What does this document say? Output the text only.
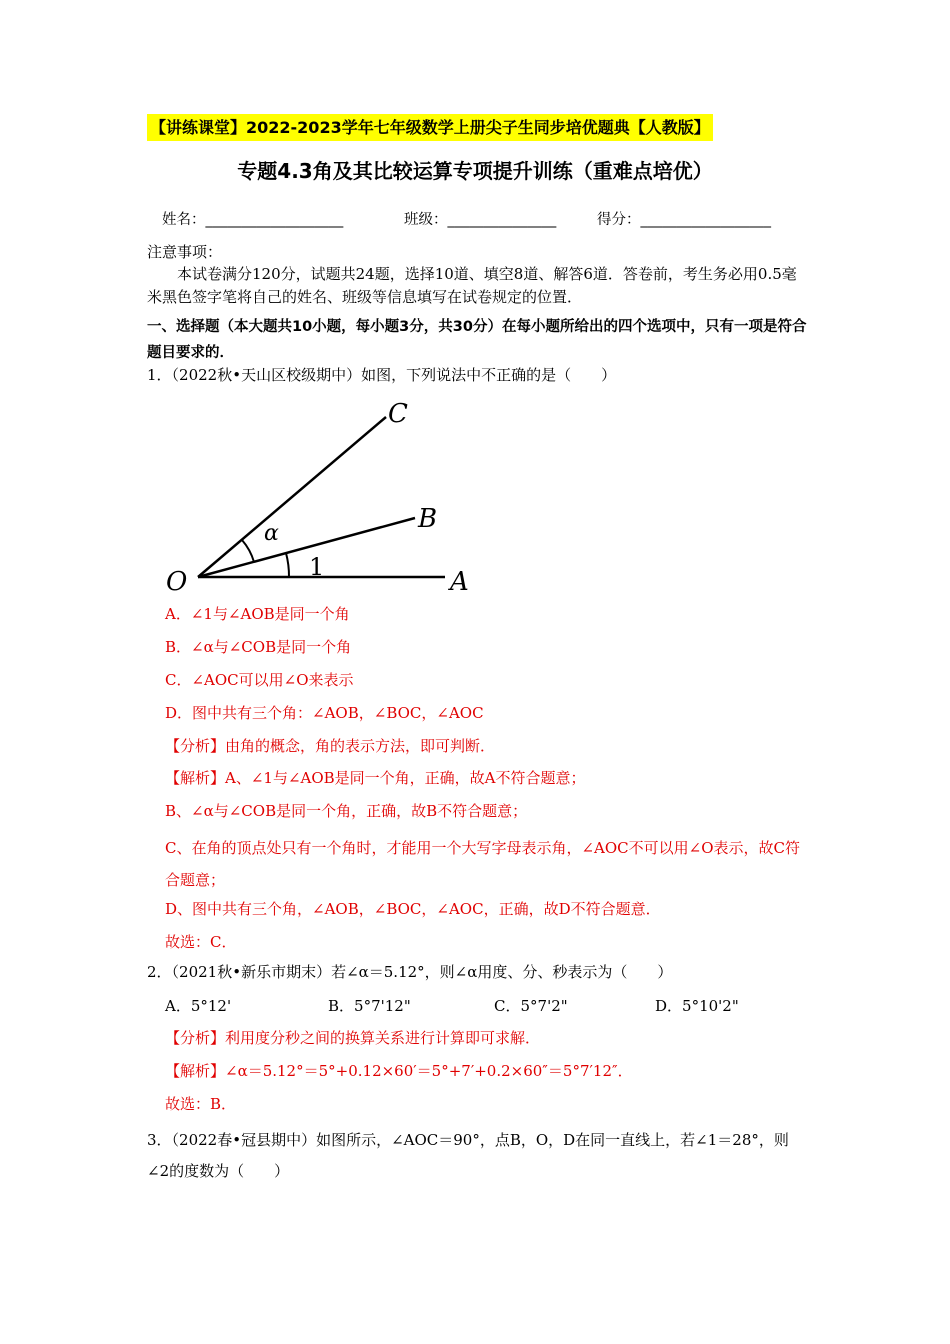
【讲练课堂】2022-2023学年七年级数学上册尖子生同步培优题典【人教版】
专题4.3角及其比较运算专项提升训练（重难点培优）
姓名：___________________	班级：_______________	得分：__________________
注意事项：
本试卷满分120分，试题共24题，选择10道、填空8道、解答6道．答卷前，考生务必用0.5毫米黑色签字笔将自己的姓名、班级等信息填写在试卷规定的位置．
一、选择题（本大题共10小题，每小题3分，共30分）在每小题所给出的四个选项中，只有一项是符合题目要求的．
1．（2022秋•天山区校级期中）如图，下列说法中不正确的是（　　）
O	A
B
C
α
1
A．∠1与∠AOB是同一个角
B．∠α与∠COB是同一个角
C．∠AOC可以用∠O来表示
D．图中共有三个角：∠AOB，∠BOC，∠AOC
【分析】由角的概念，角的表示方法，即可判断．
【解析】A、∠1与∠AOB是同一个角，正确，故A不符合题意；
B、∠α与∠COB是同一个角，正确，故B不符合题意；
C、在角的顶点处只有一个角时，才能用一个大写字母表示角，∠AOC不可以用∠O表示，故C符合题意；
D、图中共有三个角，∠AOB，∠BOC，∠AOC，正确，故D不符合题意．
故选：C．
2．（2021秋•新乐市期末）若∠α＝5.12°，则∠α用度、分、秒表示为（　　）
A．5°12'	B．5°7'12"	C．5°7'2"	D．5°10'2"
【分析】利用度分秒之间的换算关系进行计算即可求解．
【解析】∠α＝5.12°＝5°+0.12×60′＝5°+7′+0.2×60″＝5°7′12″．
故选：B．
3．（2022春•冠县期中）如图所示，∠AOC＝90°，点B，O，D在同一直线上，若∠1＝28°，则∠2的度数为（　　）
